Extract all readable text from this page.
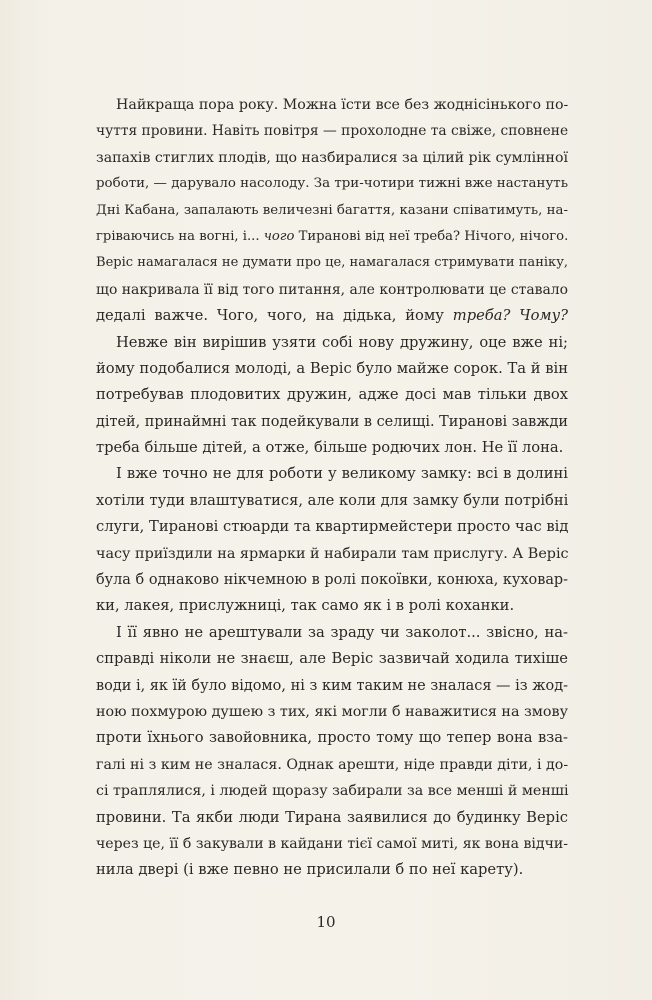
Найкраща пора року. Можна їсти все без жоднісінького по-
чуття провини. Навіть повітря — прохолодне та свіже, сповнене
запахів стиглих плодів, що назбиралися за цілий рік сумлінної
роботи, — дарувало насолоду. За три-чотири тижні вже настануть
Дні Кабана, запалають величезні багаття, казани співатимуть, на-
гріваючись на вогні, і... чого Тиранові від неї треба? Нічого, нічого.
Веріс намагалася не думати про це, намагалася стримувати паніку,
що накривала її від того питання, але контролювати це ставало
дедалі важче. Чого, чого, на дідька, йому треба? Чому?
Невже він вирішив узяти собі нову дружину, оце вже ні;
йому подобалися молоді, а Веріс було майже сорок. Та й він
потребував плодовитих дружин, адже досі мав тільки двох
дітей, принаймні так подейкували в селищі. Тиранові завжди
треба більше дітей, а отже, більше родючих лон. Не її лона.
І вже точно не для роботи у великому замку: всі в долині
хотіли туди влаштуватися, але коли для замку були потрібні
слуги, Тиранові стюарди та квартирмейстери просто час від
часу приїздили на ярмарки й набирали там прислугу. А Веріс
була б однаково нікчемною в ролі покоївки, конюха, куховар-
ки, лакея, прислужниці, так само як і в ролі коханки.
І її явно не арештували за зраду чи заколот... звісно, на-
справді ніколи не знаєш, але Веріс зазвичай ходила тихіше
води і, як їй було відомо, ні з ким таким не зналася — із жод-
ною похмурою душею з тих, які могли б наважитися на змову
проти їхнього завойовника, просто тому що тепер вона вза-
галі ні з ким не зналася. Однак арешти, ніде правди діти, і до-
сі траплялися, і людей щоразу забирали за все менші й менші
провини. Та якби люди Тирана заявилися до будинку Веріс
через це, її б закували в кайдани тієї самої миті, як вона відчи-
нила двері (і вже певно не присилали б по неї карету).
10
